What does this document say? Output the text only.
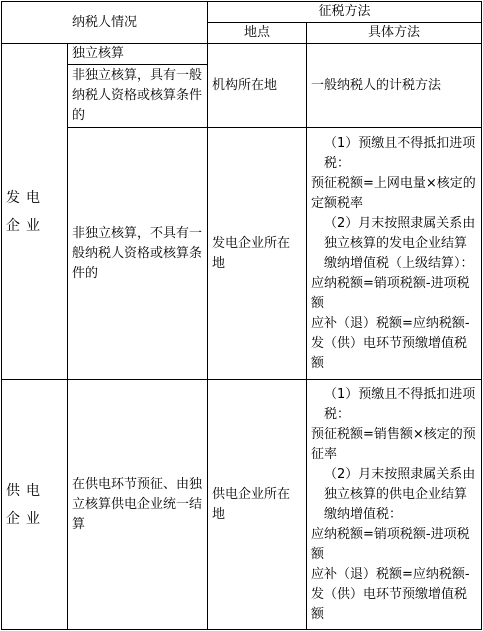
纳税人情况		征税方法	
		地点	具体方法
发电企业	独立核算	机构所在地	一般纳税人的计税方法
	非独立核算，具有一般纳税人资格或核算条件的		
	非独立核算，不具有一般纳税人资格或核算条件的	发电企业所在地	（1）预缴且不得抵扣进项税：
预征税额=上网电量×核定的定额税率
（2）月末按照隶属关系由独立核算的发电企业结算缴纳增值税（上级结算）：
应纳税额=销项税额-进项税额
应补（退）税额=应纳税额-发（供）电环节预缴增值税额

供电企业	在供电环节预征、由独立核算供电企业统一结算	供电企业所在地	（1）预缴且不得抵扣进项税：
预征税额=销售额×核定的预征率
（2）月末按照隶属关系由独立核算的供电企业结算缴纳增值税：
应纳税额=销项税额-进项税额
应补（退）税额=应纳税额-发（供）电环节预缴增值税额
